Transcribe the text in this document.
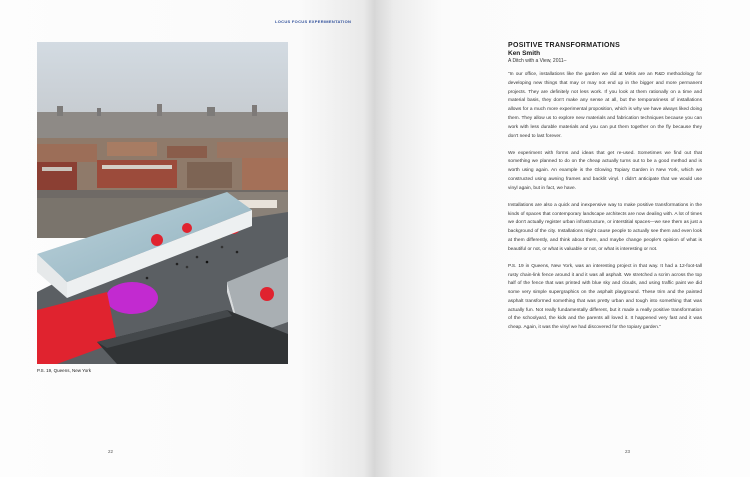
LOCUS FOCUS EXPERIMENTATION
P.S. 19, Queens, New York
22
POSITIVE TRANSFORMATIONS
Ken Smith
A Ditch with a View, 2011–

“In our office, installations like the garden we did at Métis are an R&D methodology for developing new things that may or may not end up in the bigger and more permanent projects. They are definitely not less work. If you look at them rationally on a time and material basis, they don't make any sense at all, but the temporariness of installations allows for a much more experimental proposition, which is why we have always liked doing them. They allow us to explore new materials and fabrication techniques because you can work with less durable materials and you can put them together on the fly because they don't need to last forever.

We experiment with forms and ideas that get re-used. Sometimes we find out that something we planned to do on the cheap actually turns out to be a good method and is worth using again. An example is the Glowing Topiary Garden in New York, which we constructed using awning frames and backlit vinyl. I didn't anticipate that we would use vinyl again, but in fact, we have.

Installations are also a quick and inexpensive way to make positive transformations in the kinds of spaces that contemporary landscape architects are now dealing with. A lot of times we don't actually register urban infrastructure, or interstitial spaces—we see them as just a background of the city. Installations might cause people to actually see them and even look at them differently, and think about them, and maybe change people's opinion of what is beautiful or not, or what is valuable or not, or what is interesting or not.

P.S. 19 in Queens, New York, was an interesting project in that way. It had a 12-foot-tall rusty chain-link fence around it and it was all asphalt. We stretched a scrim across the top half of the fence that was printed with blue sky and clouds, and using traffic paint we did some very simple supergraphics on the asphalt playground. These trim and the painted asphalt transformed something that was pretty urban and tough into something that was actually fun. Not really fundamentally different, but it made a really positive transformation of the schoolyard, the kids and the parents all loved it. It happened very fast and it was cheap. Again, it was the vinyl we had discovered for the topiary garden.”

23
